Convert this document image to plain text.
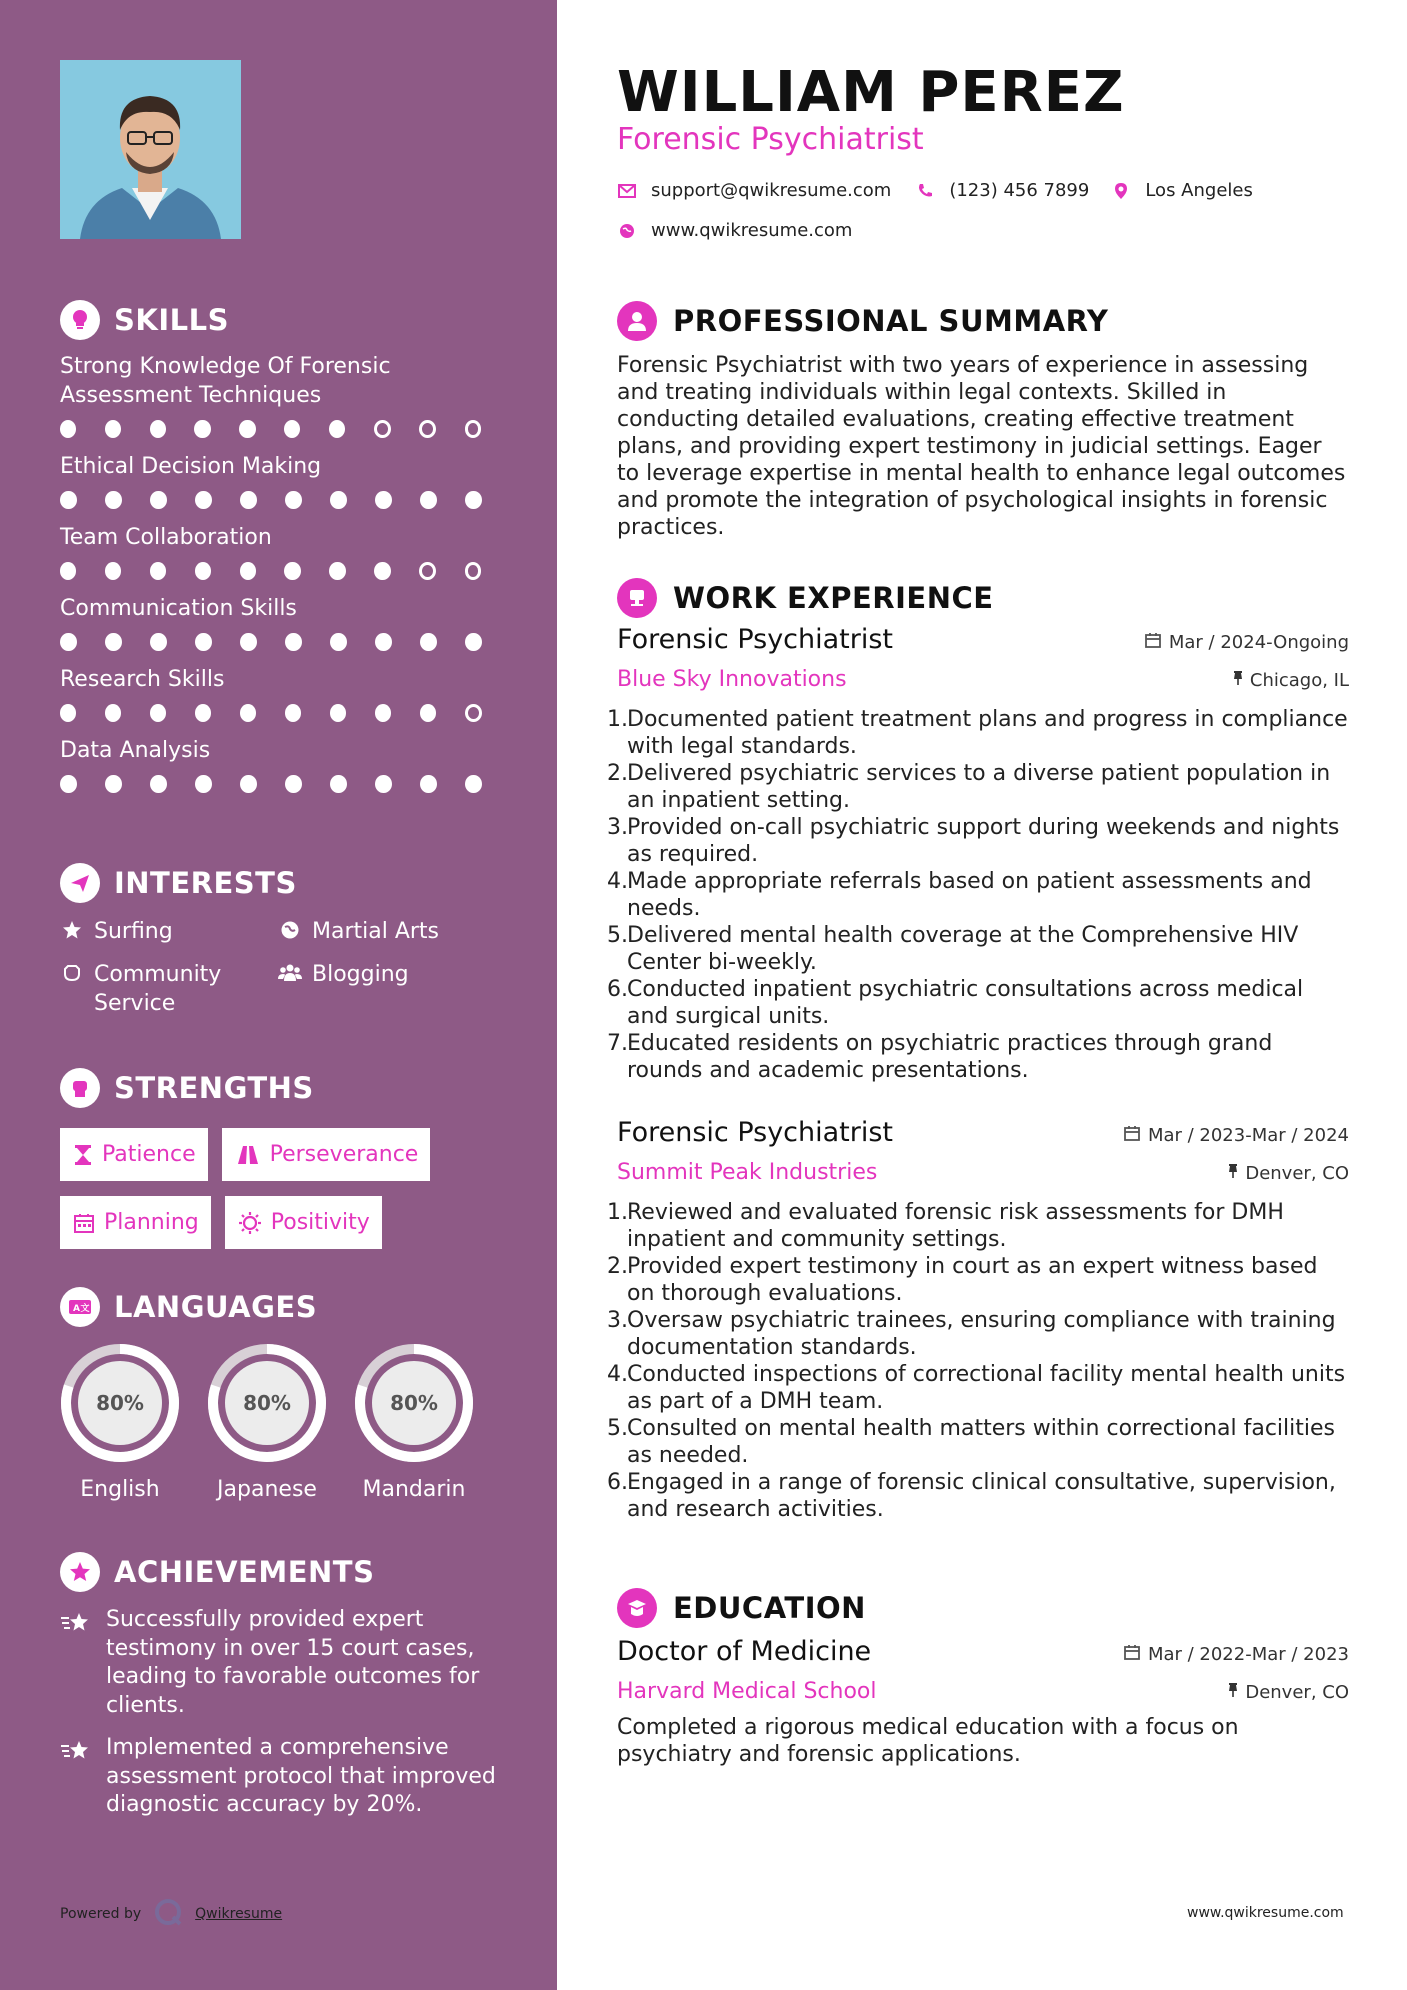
SKILLS
Strong Knowledge Of Forensic Assessment Techniques
Ethical Decision Making
Team Collaboration
Communication Skills
Research Skills
Data Analysis
INTERESTS
Surfing	Martial Arts
Community Service
Blogging
STRENGTHS
Patience	Perseverance
Planning	Positivity
A文 LANGUAGES
80%
English
80%
Japanese
80%
Mandarin
ACHIEVEMENTS
Successfully provided expert testimony in over 15 court cases, leading to favorable outcomes for clients.
Implemented a comprehensive assessment protocol that improved diagnostic accuracy by 20%.
Powered by	Qwikresume
WILLIAM PEREZ
Forensic Psychiatrist
support@qwikresume.com	(123) 456 7899	Los Angeles
www.qwikresume.com
PROFESSIONAL SUMMARY
Forensic Psychiatrist with two years of experience in assessing and treating individuals within legal contexts. Skilled in conducting detailed evaluations, creating effective treatment plans, and providing expert testimony in judicial settings. Eager to leverage expertise in mental health to enhance legal outcomes and promote the integration of psychological insights in forensic practices.
WORK EXPERIENCE
Forensic Psychiatrist	Mar / 2024-Ongoing
Blue Sky Innovations	Chicago, IL
1. Documented patient treatment plans and progress in compliance with legal standards.
2. Delivered psychiatric services to a diverse patient population in an inpatient setting.
3. Provided on-call psychiatric support during weekends and nights as required.
4. Made appropriate referrals based on patient assessments and needs.
5. Delivered mental health coverage at the Comprehensive HIV Center bi-weekly.
6. Conducted inpatient psychiatric consultations across medical and surgical units.
7. Educated residents on psychiatric practices through grand rounds and academic presentations.
Forensic Psychiatrist	Mar / 2023-Mar / 2024
Summit Peak Industries	Denver, CO
1. Reviewed and evaluated forensic risk assessments for DMH inpatient and community settings.
2. Provided expert testimony in court as an expert witness based on thorough evaluations.
3. Oversaw psychiatric trainees, ensuring compliance with training documentation standards.
4. Conducted inspections of correctional facility mental health units as part of a DMH team.
5. Consulted on mental health matters within correctional facilities as needed.
6. Engaged in a range of forensic clinical consultative, supervision, and research activities.
EDUCATION
Doctor of Medicine	Mar / 2022-Mar / 2023
Harvard Medical School	Denver, CO
Completed a rigorous medical education with a focus on psychiatry and forensic applications.
www.qwikresume.com
